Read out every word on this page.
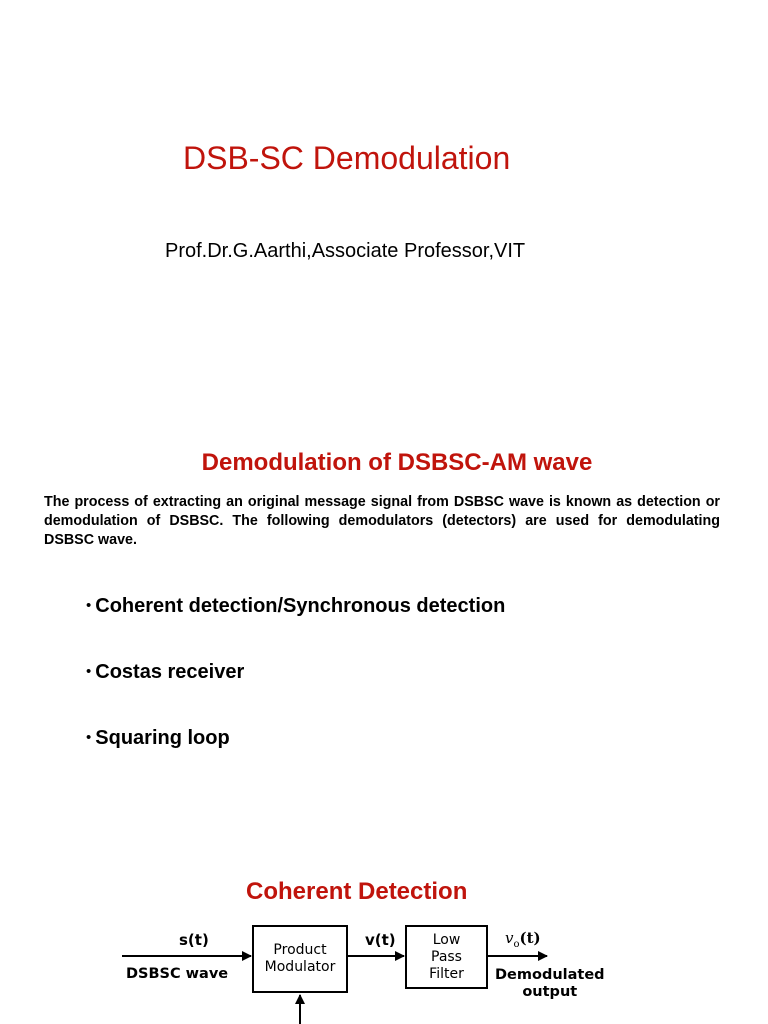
DSB-SC Demodulation
Prof.Dr.G.Aarthi,Associate Professor,VIT
Demodulation of DSBSC-AM wave
The process of extracting an original message signal from DSBSC wave is known as detection or demodulation of DSBSC. The following demodulators (detectors) are used for demodulating DSBSC wave.
• Coherent detection/Synchronous detection
• Costas receiver
• Squaring loop
Coherent Detection
Product
Modulator
Low
Pass
Filter
s(t)
DSBSC wave
v(t)	$v_o(t)$
Demodulated
output
